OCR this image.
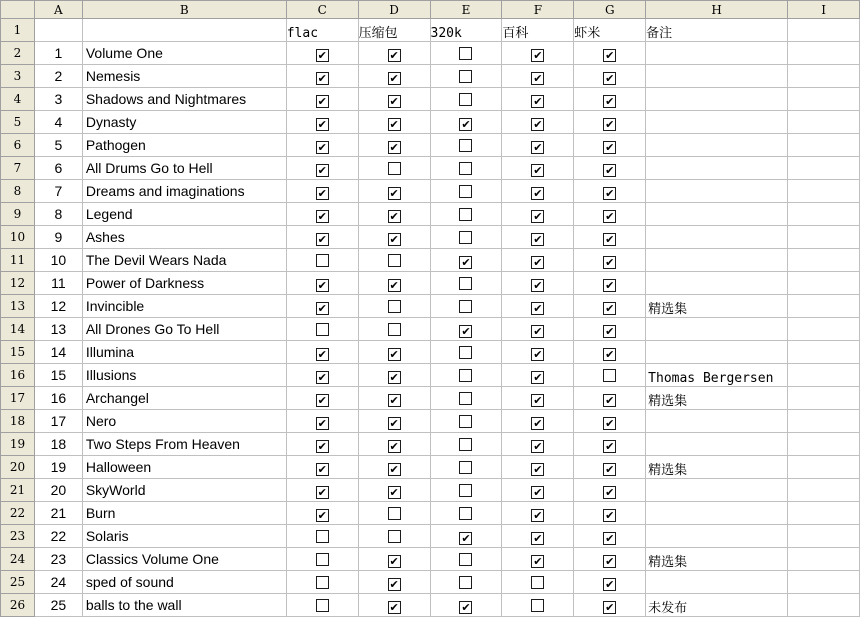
	A	B	C	D	E	F	G	H	I
1			flac	压缩包	320k	百科	虾米	备注	
2	1	Volume One	✔	✔		✔	✔		
3	2	Nemesis	✔	✔		✔	✔		
4	3	Shadows and Nightmares	✔	✔		✔	✔		
5	4	Dynasty	✔	✔	✔	✔	✔		
6	5	Pathogen	✔	✔		✔	✔		
7	6	All Drums Go to Hell	✔			✔	✔		
8	7	Dreams and imaginations	✔	✔		✔	✔		
9	8	Legend	✔	✔		✔	✔		
10	9	Ashes	✔	✔		✔	✔		
11	10	The Devil Wears Nada			✔	✔	✔		
12	11	Power of Darkness	✔	✔		✔	✔		
13	12	Invincible	✔			✔	✔	精选集	
14	13	All Drones Go To Hell			✔	✔	✔		
15	14	Illumina	✔	✔		✔	✔		
16	15	Illusions	✔	✔		✔		Thomas Bergersen	
17	16	Archangel	✔	✔		✔	✔	精选集	
18	17	Nero	✔	✔		✔	✔		
19	18	Two Steps From Heaven	✔	✔		✔	✔		
20	19	Halloween	✔	✔		✔	✔	精选集	
21	20	SkyWorld	✔	✔		✔	✔		
22	21	Burn	✔			✔	✔		
23	22	Solaris			✔	✔	✔		
24	23	Classics Volume One		✔		✔	✔	精选集	
25	24	sped of sound		✔			✔		
26	25	balls to the wall		✔	✔		✔	未发布	
